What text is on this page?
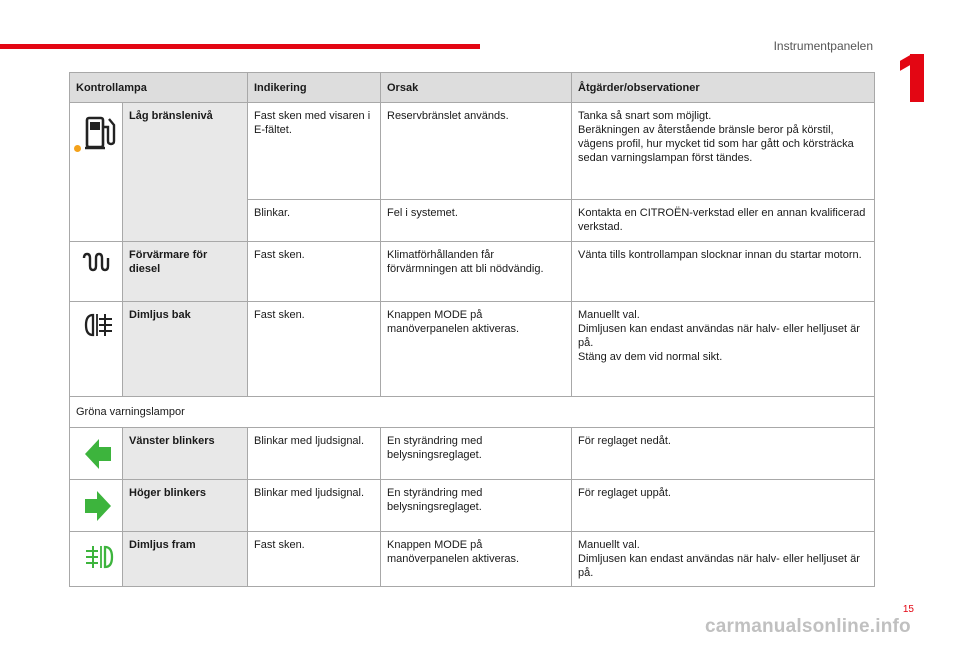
Instrumentpanelen
Kontrollampa		Indikering	Orsak	Åtgärder/observationer

	Låg bränslenivå	Fast sken med visaren i E-fältet.	Reservbränslet används.	Tanka så snart som möjligt.
Beräkningen av återstående bränsle beror på körstil, vägens profil, hur mycket tid som har gått och körsträcka sedan varningslampan först tändes.
		Blinkar.	Fel i systemet.	Kontakta en CITROËN-verkstad eller en annan kvalificerad verkstad.

	Förvärmare för diesel	Fast sken.	Klimatförhållanden får förvärmningen att bli nödvändig.	Vänta tills kontrollampan slocknar innan du startar motorn.

	Dimljus bak	Fast sken.	Knappen MODE på manöverpanelen aktiveras.	Manuellt val.
Dimljusen kan endast användas när halv- eller helljuset är på.
Stäng av dem vid normal sikt.
Gröna varningslampor				

	Vänster blinkers	Blinkar med ljudsignal.	En styrändring med belysningsreglaget.	För reglaget nedåt.

	Höger blinkers	Blinkar med ljudsignal.	En styrändring med belysningsreglaget.	För reglaget uppåt.

	Dimljus fram	Fast sken.	Knappen MODE på manöverpanelen aktiveras.	Manuellt val.
Dimljusen kan endast användas när halv- eller helljuset är på.
15
carmanualsonline.info
